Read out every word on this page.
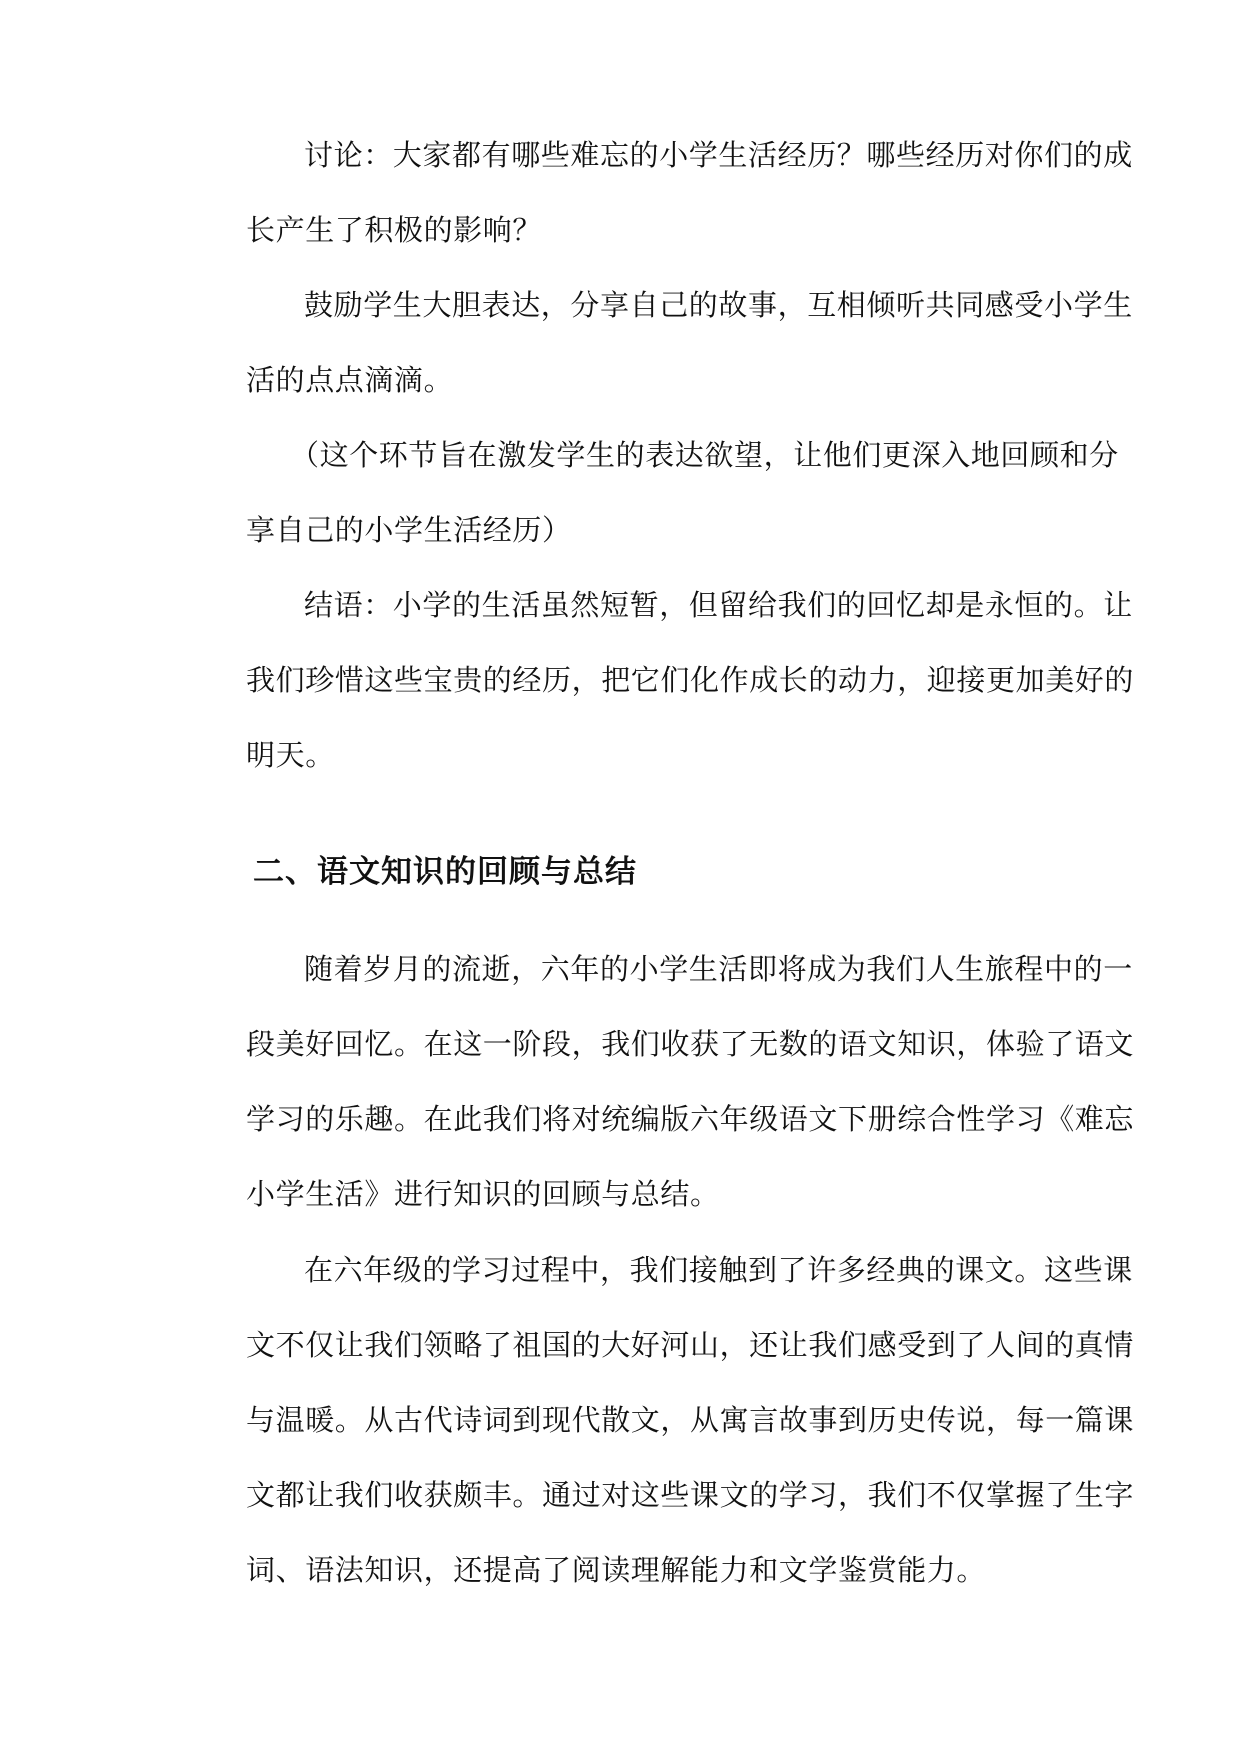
讨论：大家都有哪些难忘的小学生活经历？哪些经历对你们的成
长产生了积极的影响？
鼓励学生大胆表达，分享自己的故事，互相倾听共同感受小学生
活的点点滴滴。
（这个环节旨在激发学生的表达欲望，让他们更深入地回顾和分
享自己的小学生活经历）
结语：小学的生活虽然短暂，但留给我们的回忆却是永恒的。让
我们珍惜这些宝贵的经历，把它们化作成长的动力，迎接更加美好的
明天。
二、语文知识的回顾与总结
随着岁月的流逝，六年的小学生活即将成为我们人生旅程中的一
段美好回忆。在这一阶段，我们收获了无数的语文知识，体验了语文
学习的乐趣。在此我们将对统编版六年级语文下册综合性学习《难忘
小学生活》进行知识的回顾与总结。
在六年级的学习过程中，我们接触到了许多经典的课文。这些课
文不仅让我们领略了祖国的大好河山，还让我们感受到了人间的真情
与温暖。从古代诗词到现代散文，从寓言故事到历史传说，每一篇课
文都让我们收获颇丰。通过对这些课文的学习，我们不仅掌握了生字
词、语法知识，还提高了阅读理解能力和文学鉴赏能力。
